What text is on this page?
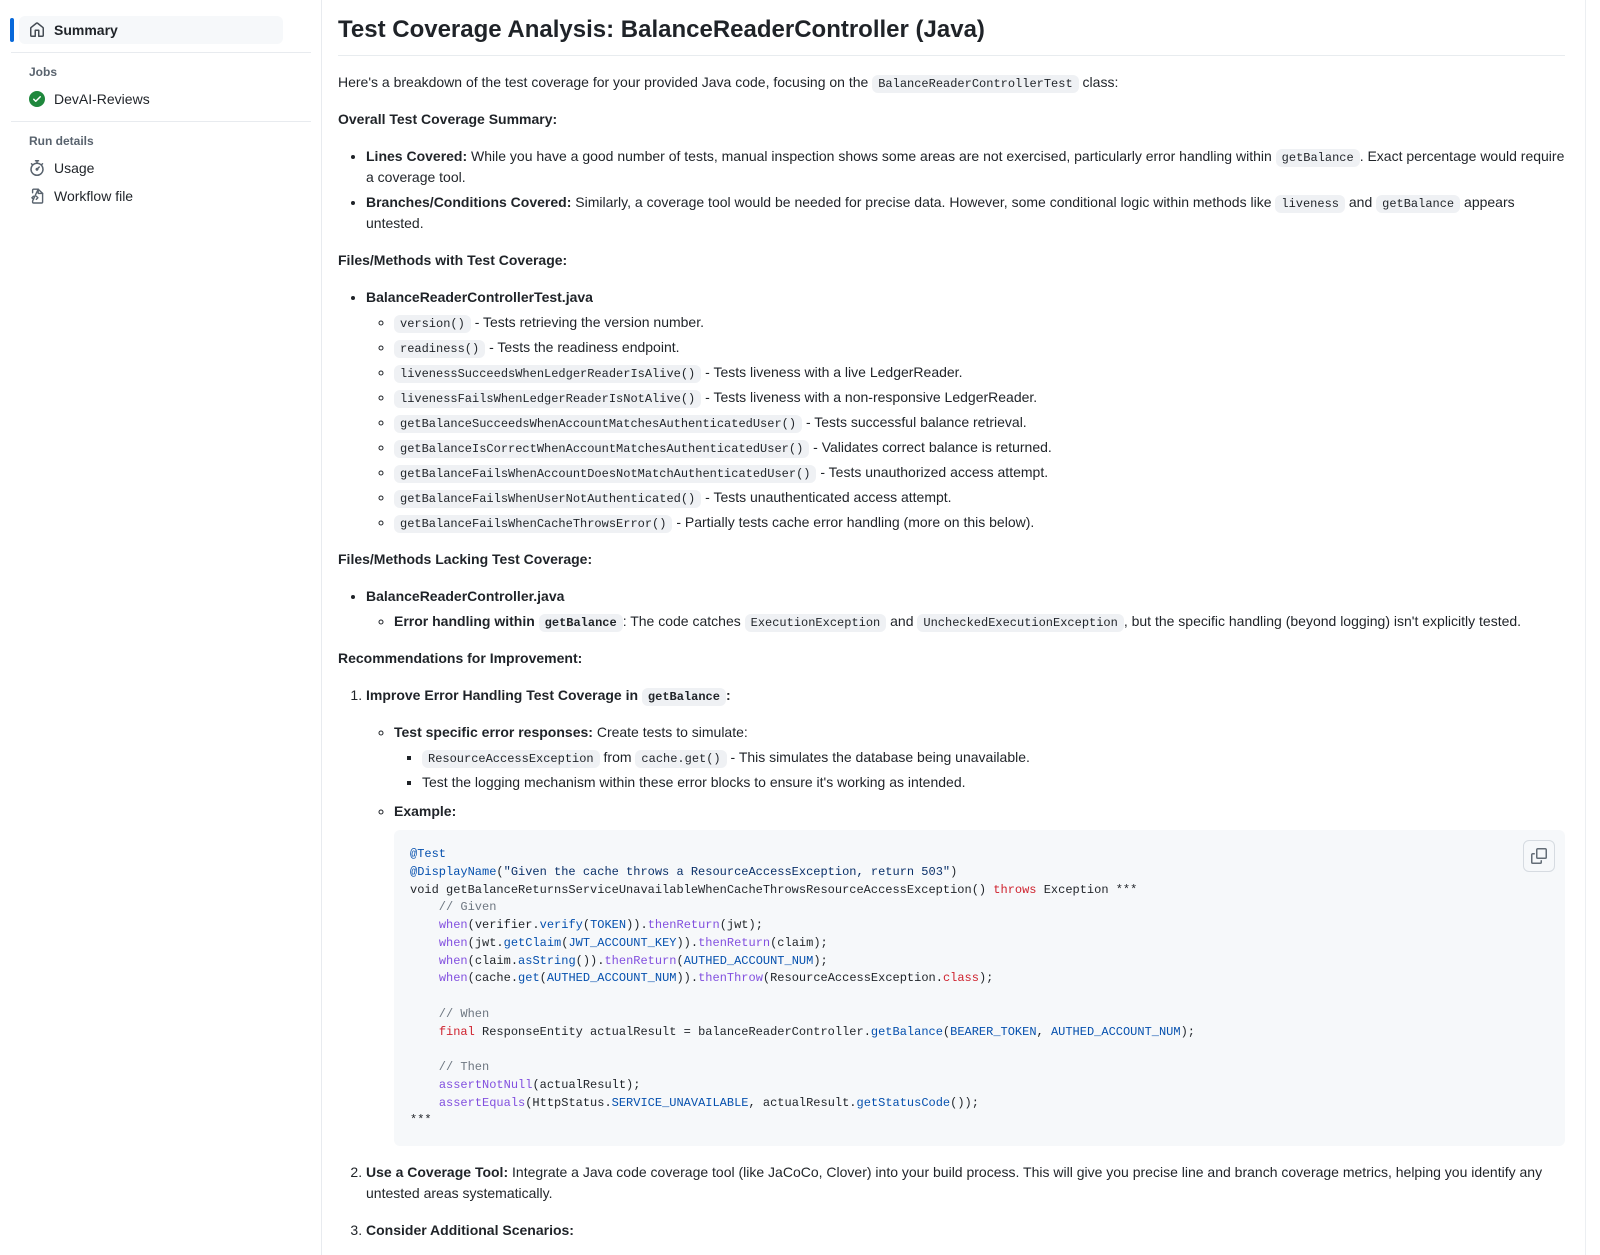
Summary
Jobs
DevAI-Reviews
Run details
Usage
Workflow file
Test Coverage Analysis: BalanceReaderController (Java)

Here's a breakdown of the test coverage for your provided Java code, focusing on the BalanceReaderControllerTest class:

Overall Test Coverage Summary:

• Lines Covered: While you have a good number of tests, manual inspection shows some areas are not exercised, particularly error handling within getBalance . Exact percentage would require a coverage tool.
• Branches/Conditions Covered: Similarly, a coverage tool would be needed for precise data. However, some conditional logic within methods like liveness and getBalance appears untested.

Files/Methods with Test Coverage:

• BalanceReaderControllerTest.java
◦ version() - Tests retrieving the version number.
◦ readiness() - Tests the readiness endpoint.
◦ livenessSucceedsWhenLedgerReaderIsAlive() - Tests liveness with a live LedgerReader.
◦ livenessFailsWhenLedgerReaderIsNotAlive() - Tests liveness with a non-responsive LedgerReader.
◦ getBalanceSucceedsWhenAccountMatchesAuthenticatedUser() - Tests successful balance retrieval.
◦ getBalanceIsCorrectWhenAccountMatchesAuthenticatedUser() - Validates correct balance is returned.
◦ getBalanceFailsWhenAccountDoesNotMatchAuthenticatedUser() - Tests unauthorized access attempt.
◦ getBalanceFailsWhenUserNotAuthenticated() - Tests unauthenticated access attempt.
◦ getBalanceFailsWhenCacheThrowsError() - Partially tests cache error handling (more on this below).

Files/Methods Lacking Test Coverage:

• BalanceReaderController.java
◦ Error handling within getBalance : The code catches ExecutionException and UncheckedExecutionException , but the specific handling (beyond logging) isn't explicitly tested.

Recommendations for Improvement:

1. Improve Error Handling Test Coverage in getBalance :

◦ Test specific error responses: Create tests to simulate:
▪ ResourceAccessException from cache.get() - This simulates the database being unavailable.
▪ Test the logging mechanism within these error blocks to ensure it's working as intended.

◦ Example:

@Test
@DisplayName("Given the cache throws a ResourceAccessException, return 503")
void getBalanceReturnsServiceUnavailableWhenCacheThrowsResourceAccessException() throws Exception ***
// Given
when(verifier.verify(TOKEN)).thenReturn(jwt);
when(jwt.getClaim(JWT_ACCOUNT_KEY)).thenReturn(claim);
when(claim.asString()).thenReturn(AUTHED_ACCOUNT_NUM);
when(cache.get(AUTHED_ACCOUNT_NUM)).thenThrow(ResourceAccessException.class);

// When
final ResponseEntity actualResult = balanceReaderController.getBalance(BEARER_TOKEN, AUTHED_ACCOUNT_NUM);

// Then
assertNotNull(actualResult);
assertEquals(HttpStatus.SERVICE_UNAVAILABLE, actualResult.getStatusCode());
***

2. Use a Coverage Tool: Integrate a Java code coverage tool (like JaCoCo, Clover) into your build process. This will give you precise line and branch coverage metrics, helping you identify any untested areas systematically.

3. Consider Additional Scenarios:
